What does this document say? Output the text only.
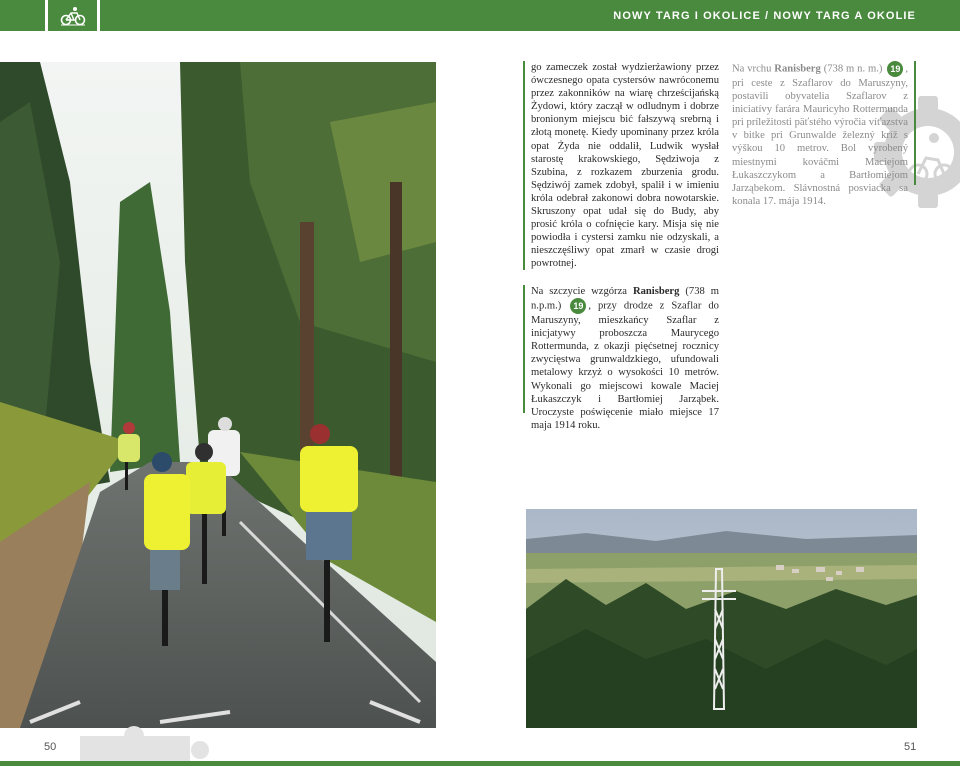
NOWY TARG I OKOLICE / NOWY TARG A OKOLIE
go zameczek został wydzierżawiony przez ówczesnego opata cystersów nawróconemu przez zakonników na wiarę chrześcijańską Żydowi, który zaczął w odludnym i dobrze bronionym miejscu bić fałszywą srebrną i złotą monetę. Kiedy upominany przez króla opat Żyda nie oddalił, Ludwik wysłał starostę krakowskiego, Sędziwoja z Szubina, z rozkazem zburzenia grodu. Sędziwój zamek zdobył, spalił i w imieniu króla odebrał zakonowi dobra nowotarskie. Skruszony opat udał się do Budy, aby prosić króla o cofnięcie kary. Misja się nie powiodła i cystersi zamku nie odzyskali, a nieszczęśliwy opat zmarł w czasie drogi powrotnej.
Na szczycie wzgórza Ranisberg (738 m n.p.m.) 19 , przy drodze z Szaflar do Maruszyny, mieszkańcy Szaflar z inicjatywy proboszcza Maurycego Rottermunda, z okazji pięćsetnej rocznicy zwycięstwa grunwaldzkiego, ufundowali metalowy krzyż o wysokości 10 metrów. Wykonali go miejscowi kowale Maciej Łukaszczyk i Bartłomiej Jarząbek. Uroczyste poświęcenie miało miejsce 17 maja 1914 roku.
Na vrchu Ranisberg (738 m n. m.) 19 , pri ceste z Szaflarov do Maruszyny, postavili obyvatelia Szaflarov z iniciatívy farára Mauricyho Rottermunda pri príležitosti päťstého výročia víťazstva v bitke pri Grunwalde železný kríž s výškou 10 metrov. Bol vyrobený miestnymi kováčmi Maciejom Łukaszczykom a Bartłomiejom Jarząbekom. Slávnostná posviacka sa konala 17. mája 1914.
50	51
